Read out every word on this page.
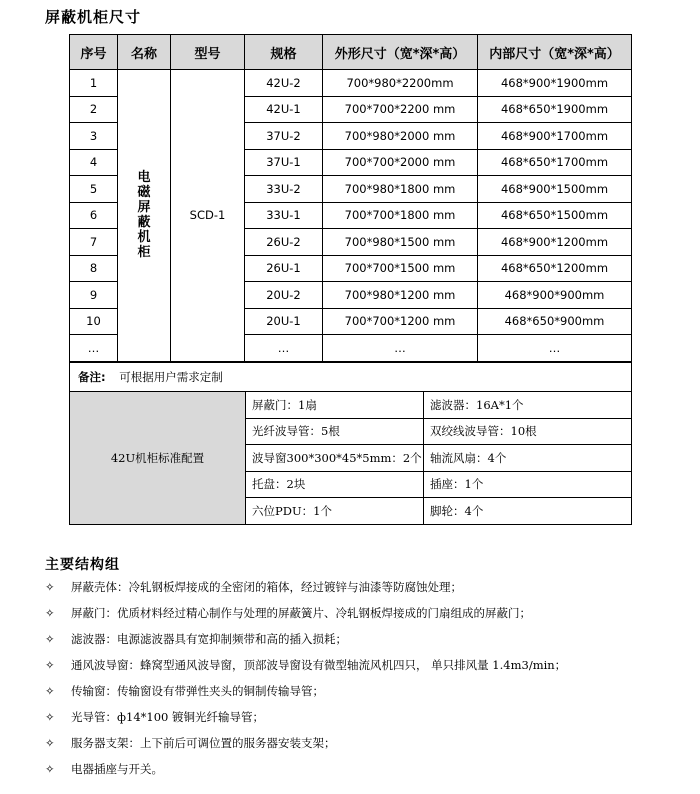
屏蔽机柜尺寸
序号	名称	型号	规格	外形尺寸（宽*深*高）	内部尺寸（宽*深*高）
1	电磁屏蔽机柜	SCD-1	42U-2	700*980*2200mm	468*900*1900mm
2			42U-1	700*700*2200 mm	468*650*1900mm
3			37U-2	700*980*2000 mm	468*900*1700mm
4			37U-1	700*700*2000 mm	468*650*1700mm
5			33U-2	700*980*1800 mm	468*900*1500mm
6			33U-1	700*700*1800 mm	468*650*1500mm
7			26U-2	700*980*1500 mm	468*900*1200mm
8			26U-1	700*700*1500 mm	468*650*1200mm
9			20U-2	700*980*1200 mm	468*900*900mm
10			20U-1	700*700*1200 mm	468*650*900mm
…			…	…	…
备注: 可根据用户需求定制		
42U机柜标准配置	屏蔽门：1扇	滤波器：16A*1个
	光纤波导管：5根	双绞线波导管：10根
	波导窗300*300*45*5mm：2个	轴流风扇：4个
	托盘：2块	插座：1个
	六位PDU：1个	脚轮：4个
主要结构组
✧ 屏蔽壳体：冷轧钢板焊接成的全密闭的箱体，经过镀锌与油漆等防腐蚀处理；
✧ 屏蔽门：优质材料经过精心制作与处理的屏蔽簧片、冷轧钢板焊接成的门扇组成的屏蔽门；
✧ 滤波器：电源滤波器具有宽抑制频带和高的插入损耗；
✧ 通风波导窗：蜂窝型通风波导窗，顶部波导窗设有微型轴流风机四只， 单只排风量 1.4m3/min；
✧ 传输窗：传输窗设有带弹性夹头的铜制传输导管；
✧ 光导管：ф14*100 镀铜光纤输导管；
✧ 服务器支架：上下前后可调位置的服务器安装支架；
✧ 电器插座与开关。
